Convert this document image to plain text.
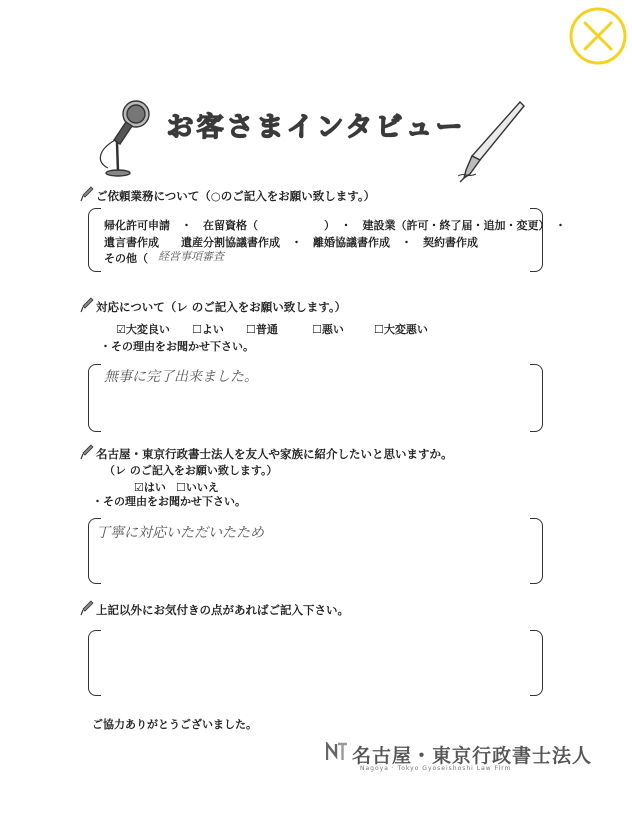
お客さまインタビュー
ご依頼業務について（○のご記入をお願い致します。）
帰化許可申請　・　在留資格（　　　　　　）　・　建設業（許可・終了届・追加・変更）　・
遺言書作成　　遺産分割協議書作成　・　離婚協議書作成　・　契約書作成
その他（ 経営事項審査
対応について（レ のご記入をお願い致します。）
☑大変良い ☐よい ☐普通	☐悪い	☐大変悪い
・その理由をお聞かせ下さい。
無事に完了出来ました。
名古屋・東京行政書士法人を友人や家族に紹介したいと思いますか。
（レ のご記入をお願い致します。）
☑はい ☐いいえ
・その理由をお聞かせ下さい。
丁寧に対応いただいたため
上記以外にお気付きの点があればご記入下さい。
ご協力ありがとうございました。
名古屋・東京行政書士法人
Nagoya · Tokyo Gyoseishoshi Law Firm
